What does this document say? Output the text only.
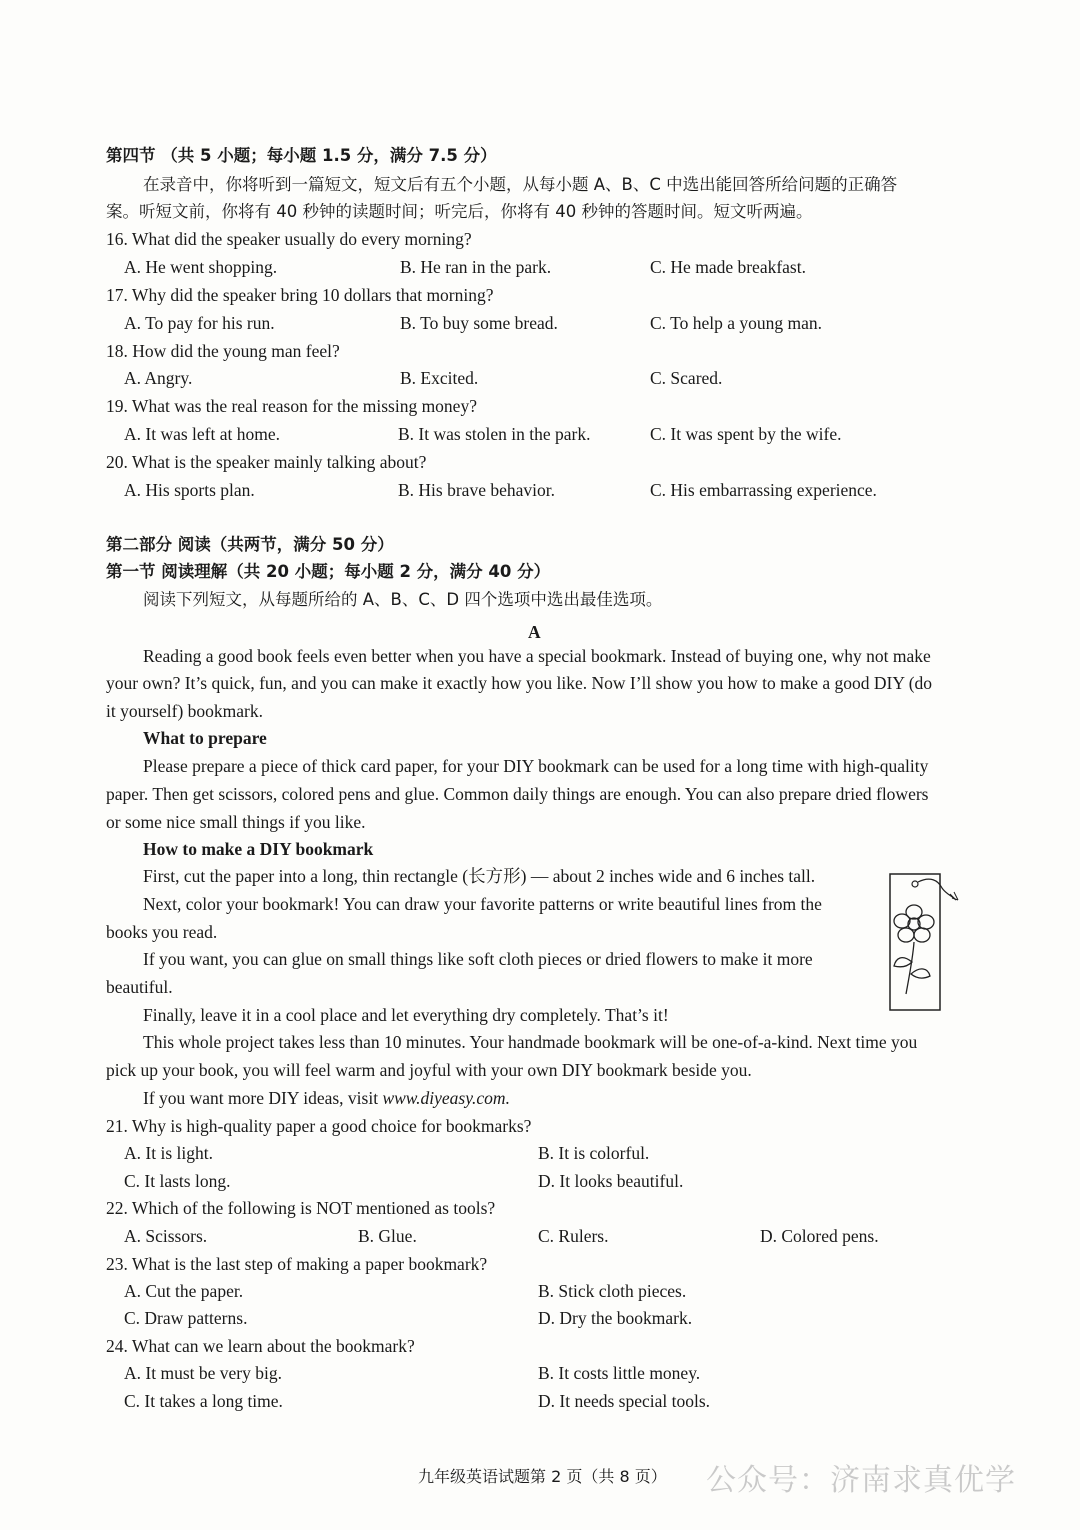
第四节 （共 5 小题；每小题 1.5 分，满分 7.5 分）
在录音中，你将听到一篇短文，短文后有五个小题，从每小题 A、B、C 中选出能回答所给问题的正确答
案。听短文前，你将有 40 秒钟的读题时间；听完后，你将有 40 秒钟的答题时间。短文听两遍。
16. What did the speaker usually do every morning?
A. He went shopping.	B. He ran in the park.	C. He made breakfast.
17. Why did the speaker bring 10 dollars that morning?
A. To pay for his run.	B. To buy some bread.	C. To help a young man.
18. How did the young man feel?
A. Angry.	B. Excited.	C. Scared.
19. What was the real reason for the missing money?
A. It was left at home.	B. It was stolen in the park.	C. It was spent by the wife.
20. What is the speaker mainly talking about?
A. His sports plan.	B. His brave behavior.	C. His embarrassing experience.
第二部分 阅读（共两节，满分 50 分）
第一节 阅读理解（共 20 小题；每小题 2 分，满分 40 分）
阅读下列短文，从每题所给的 A、B、C、D 四个选项中选出最佳选项。
A
Reading a good book feels even better when you have a special bookmark. Instead of buying one, why not make
your own? It’s quick, fun, and you can make it exactly how you like. Now I’ll show you how to make a good DIY (do
it yourself) bookmark.
What to prepare
Please prepare a piece of thick card paper, for your DIY bookmark can be used for a long time with high-quality
paper. Then get scissors, colored pens and glue. Common daily things are enough. You can also prepare dried flowers
or some nice small things if you like.
How to make a DIY bookmark
First, cut the paper into a long, thin rectangle (长方形) — about 2 inches wide and 6 inches tall.
Next, color your bookmark! You can draw your favorite patterns or write beautiful lines from the
books you read.
If you want, you can glue on small things like soft cloth pieces or dried flowers to make it more
beautiful.
Finally, leave it in a cool place and let everything dry completely. That’s it!
This whole project takes less than 10 minutes. Your handmade bookmark will be one-of-a-kind. Next time you
pick up your book, you will feel warm and joyful with your own DIY bookmark beside you.
If you want more DIY ideas, visit www.diyeasy.com.
21. Why is high-quality paper a good choice for bookmarks?
A. It is light.	B. It is colorful.
C. It lasts long.	D. It looks beautiful.
22. Which of the following is NOT mentioned as tools?
A. Scissors.	B. Glue.	C. Rulers.	D. Colored pens.
23. What is the last step of making a paper bookmark?
A. Cut the paper.	B. Stick cloth pieces.
C. Draw patterns.	D. Dry the bookmark.
24. What can we learn about the bookmark?
A. It must be very big.	B. It costs little money.
C. It takes a long time.	D. It needs special tools.
九年级英语试题第 2 页（共 8 页） 公众号：济南求真优学
